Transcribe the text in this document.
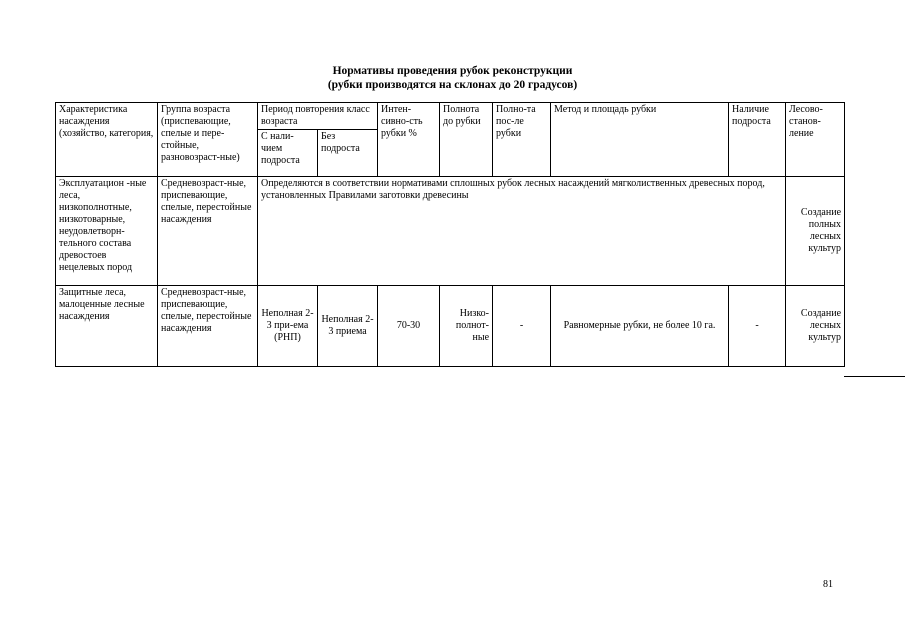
Нормативы проведения рубок реконструкции
(рубки производятся на склонах до 20 градусов)
Характеристика насаждения (хозяйство, категория,	Группа возраста (приспевающие, спелые и пере-стойные, разновозраст-ные)	Период повторения класс возраста		Интен-сивно-сть рубки %	Полнота до рубки	Полно-та пос-ле рубки	Метод и площадь рубки	Наличие подроста	Лесово-станов-ление
		С нали-чием подроста	Без подроста						
Эксплуатацион -ные леса, низкополнотные, низкотоварные, неудовлетворн-тельного состава древостоев нецелевых пород	Средневозраст-ные, приспевающие, спелые, перестойные насаждения	Определяются в соответствии нормативами сплошных рубок лесных насаждений мягколиственных древесных пород, установленных Правилами заготовки древесины							Создание полных лесных культур
Защитные леса, малоценные лесные насаждения	Средневозраст-ные, приспевающие, спелые, перестойные насаждения	Неполная 2-3 при-ема (РНП)	Неполная 2-3 приема	70-30	Низко-полнот-ные	-	Равномерные рубки, не более 10 га.	-	Создание лесных культур
81
